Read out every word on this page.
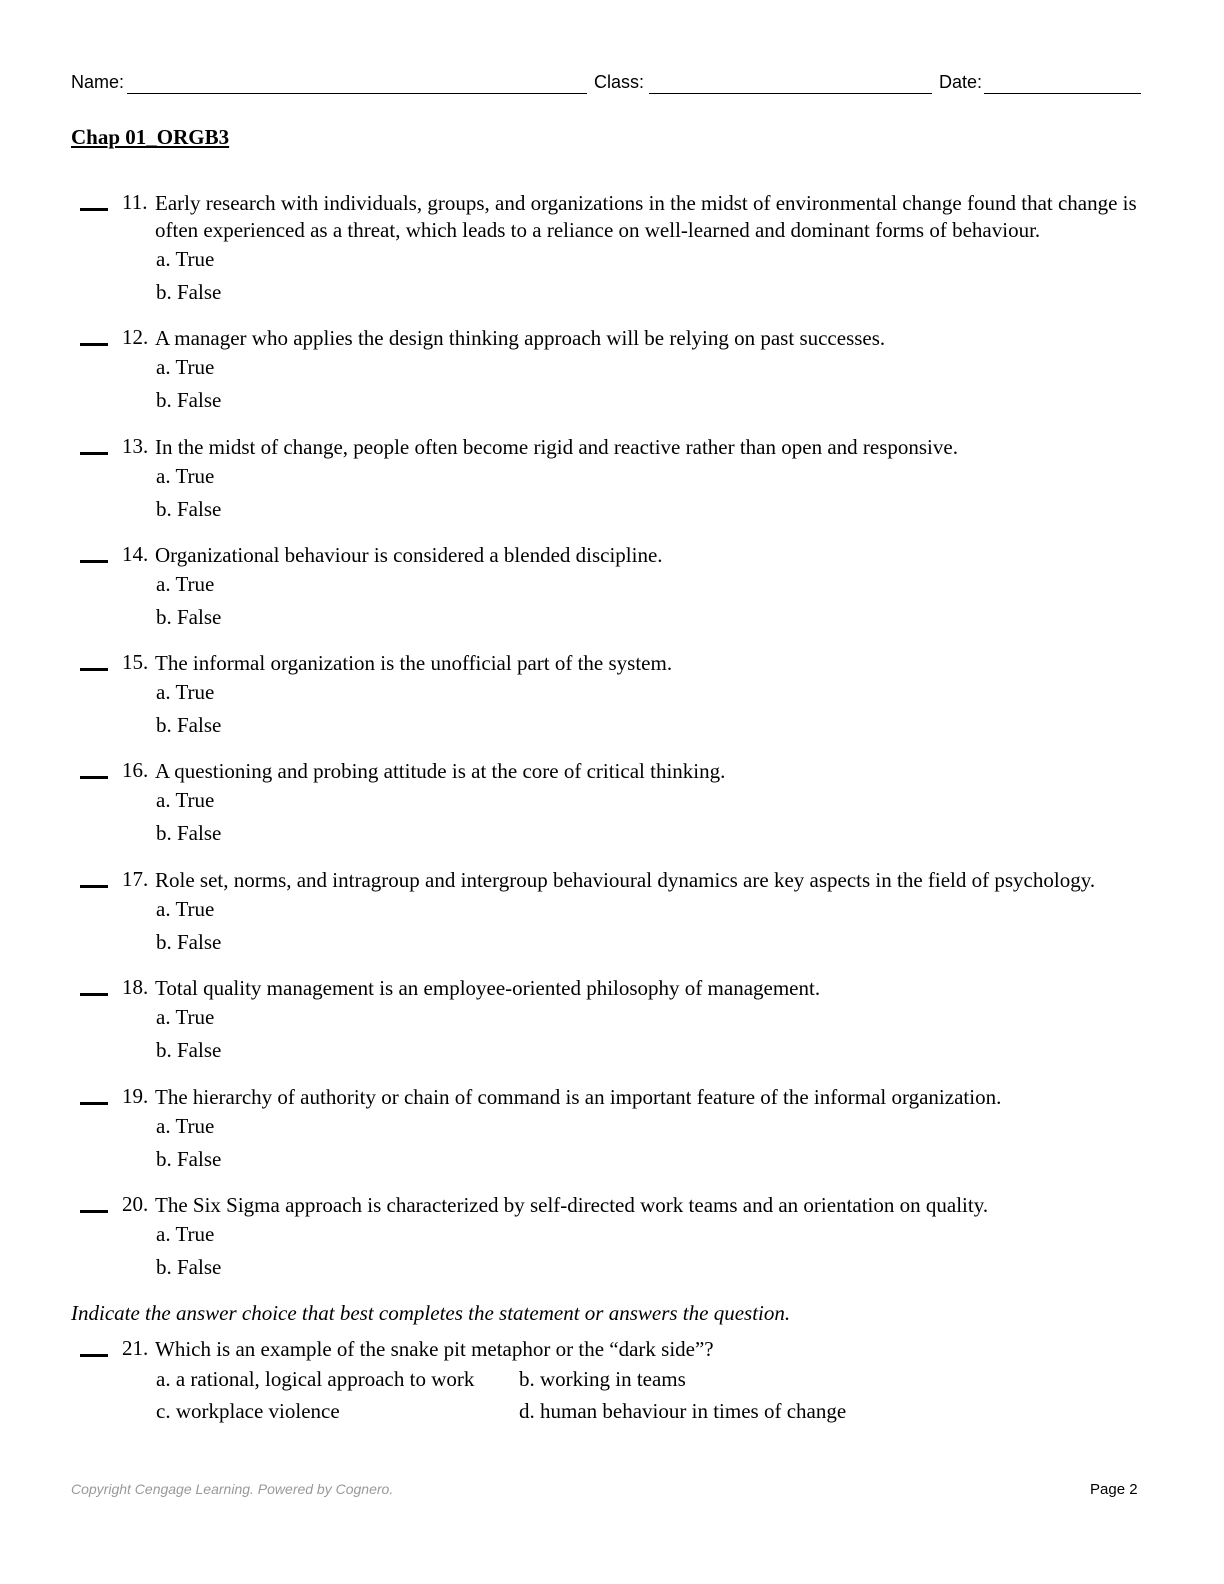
Name:	Class:	Date:
Chap 01_ORGB3
11. Early research with individuals, groups, and organizations in the midst of environmental change found that change is often experienced as a threat, which leads to a reliance on well-learned and dominant forms of behaviour.
a. True
b. False
12. A manager who applies the design thinking approach will be relying on past successes.
a. True
b. False
13. In the midst of change, people often become rigid and reactive rather than open and responsive.
a. True
b. False
14. Organizational behaviour is considered a blended discipline.
a. True
b. False
15. The informal organization is the unofficial part of the system.
a. True
b. False
16. A questioning and probing attitude is at the core of critical thinking.
a. True
b. False
17. Role set, norms, and intragroup and intergroup behavioural dynamics are key aspects in the field of psychology.
a. True
b. False
18. Total quality management is an employee-oriented philosophy of management.
a. True
b. False
19. The hierarchy of authority or chain of command is an important feature of the informal organization.
a. True
b. False
20. The Six Sigma approach is characterized by self-directed work teams and an orientation on quality.
a. True
b. False
Indicate the answer choice that best completes the statement or answers the question.
21. Which is an example of the snake pit metaphor or the “dark side”?
a. a rational, logical approach to work b. working in teams
c. workplace violence	d. human behaviour in times of change
Copyright Cengage Learning. Powered by Cognero.	Page 2
